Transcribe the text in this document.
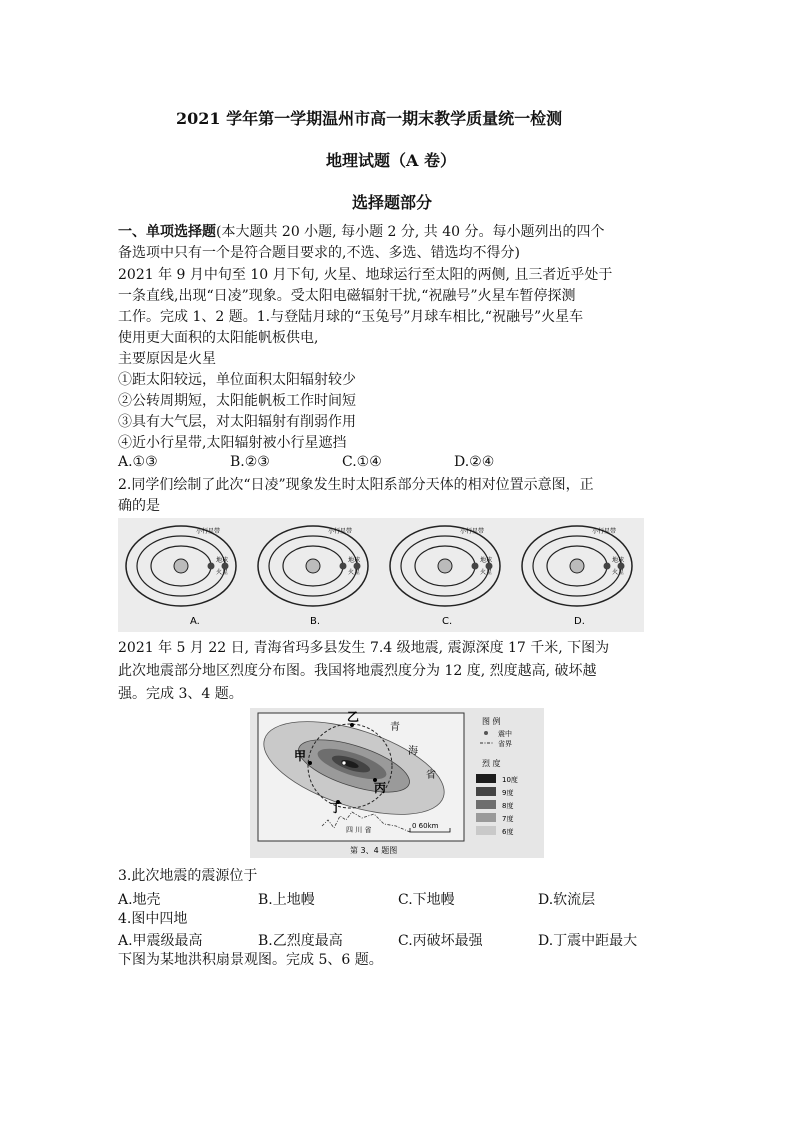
2021 学年第一学期温州市高一期末教学质量统一检测
地理试题（A 卷）
选择题部分
一、单项选择题(本大题共 20 小题, 每小题 2 分, 共 40 分。每小题列出的四个
备选项中只有一个是符合题目要求的,不选、多选、错选均不得分)
2021 年 9 月中旬至 10 月下旬, 火星、地球运行至太阳的两侧, 且三者近乎处于
一条直线,出现“日凌”现象。受太阳电磁辐射干扰,“祝融号”火星车暂停探测
工作。完成 1、2 题。1.与登陆月球的“玉兔号”月球车相比,“祝融号”火星车
使用更大面积的太阳能帆板供电,
主要原因是火星
①距太阳较远，单位面积太阳辐射较少
②公转周期短，太阳能帆板工作时间短
③具有大气层，对太阳辐射有削弱作用
④近小行星带,太阳辐射被小行星遮挡
A.①③	B.②③	C.①④	D.②④
2.同学们绘制了此次“日凌”现象发生时太阳系部分天体的相对位置示意图，正
确的是
小行星带
地球
火星
A.
小行星带
地球
火星
B.
小行星带
地球
火星
C.
小行星带
地球
火星
D.
2021 年 5 月 22 日, 青海省玛多县发生 7.4 级地震, 震源深度 17 千米, 下图为
此次地震部分地区烈度分布图。我国将地震烈度分为 12 度, 烈度越高, 破坏越
强。完成 3、4 题。
甲
乙
丙
丁
青
海
省
四 川 省	0 60km
图 例
震中
省界
烈 度
10度
9度
8度
7度
6度
第 3、4 题图
3.此次地震的震源位于
A.地壳	B.上地幔	C.下地幔	D.软流层
4.图中四地
A.甲震级最高	B.乙烈度最高	C.丙破坏最强	D.丁震中距最大
下图为某地洪积扇景观图。完成 5、6 题。
